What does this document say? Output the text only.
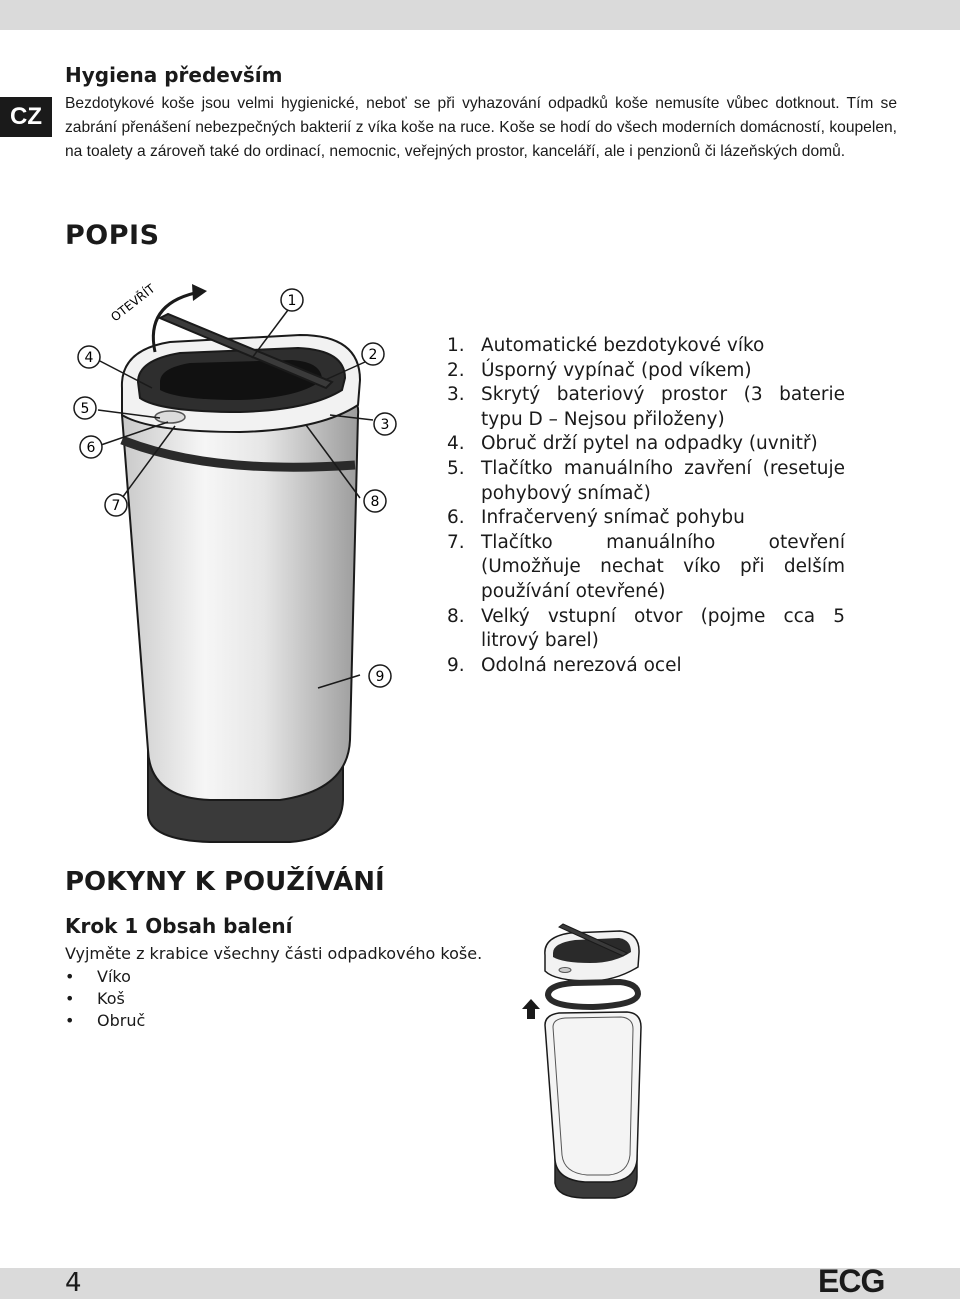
CZ
Hygiena především
Bezdotykové koše jsou velmi hygienické, neboť se při vyhazování odpadků koše nemusíte vůbec dotknout. Tím se zabrání přenášení nebezpečných bakterií z víka koše na ruce. Koše se hodí do všech moderních domácností, koupelen, na toalety a zároveň také do ordinací, nemocnic, veřejných prostor, kanceláří, ale i penzionů či lázeňských domů.
POPIS
OTEVŘÍT	1
2
3
4
5
6
7	8
9
1. Automatické bezdotykové víko
2. Úsporný vypínač (pod víkem)
3. Skrytý bateriový prostor (3 baterie typu D – Nejsou přiloženy)
4. Obruč drží pytel na odpadky (uvnitř)
5. Tlačítko manuálního zavření (resetuje pohybový snímač)
6. Infračervený snímač pohybu
7. Tlačítko manuálního otevření (Umožňuje nechat víko při delším používání otevřené)
8. Velký vstupní otvor (pojme cca 5 litrový barel)
9. Odolná nerezová ocel
POKYNY K POUŽÍVÁNÍ
Krok 1 Obsah balení
Vyjměte z krabice všechny části odpadkového koše.
•	Víko
•	Koš
•	Obruč
4	ECG
